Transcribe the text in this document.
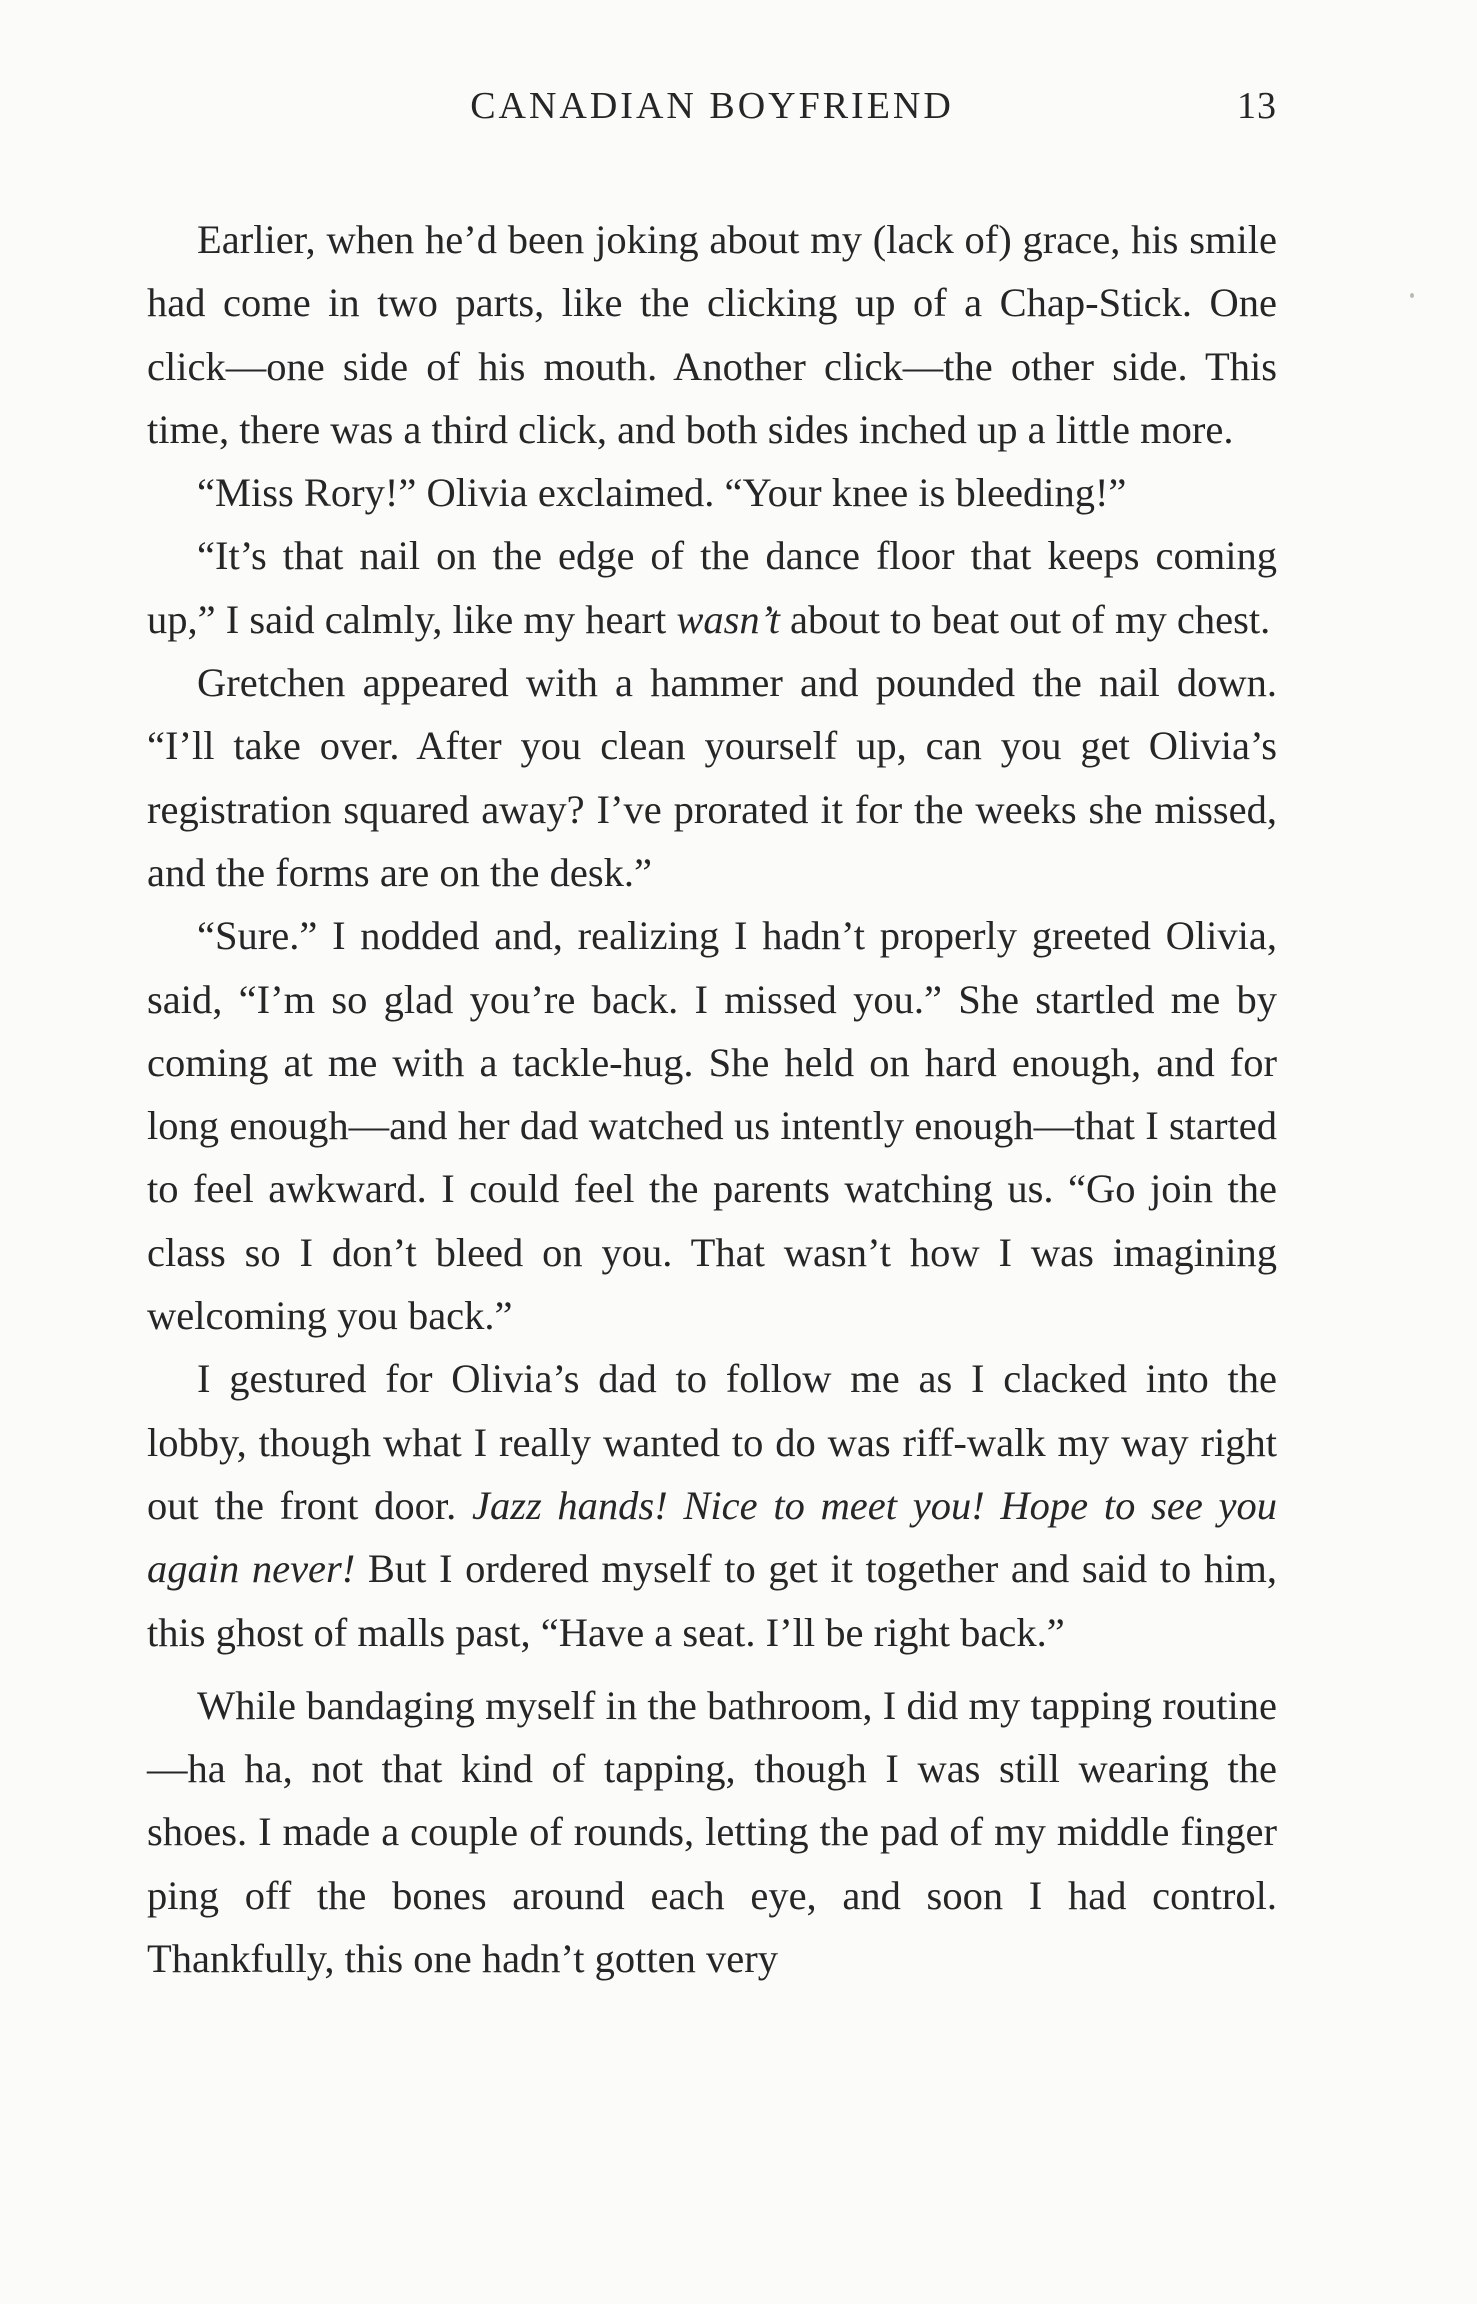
CANADIAN BOYFRIEND	13

Earlier, when he’d been joking about my (lack of) grace, his smile had come in two parts, like the clicking up of a Chap-Stick. One click—one side of his mouth. Another click—the other side. This time, there was a third click, and both sides inched up a little more.

“Miss Rory!” Olivia exclaimed. “Your knee is bleeding!”

“It’s that nail on the edge of the dance floor that keeps coming up,” I said calmly, like my heart wasn’t about to beat out of my chest.

Gretchen appeared with a hammer and pounded the nail down. “I’ll take over. After you clean yourself up, can you get Olivia’s registration squared away? I’ve prorated it for the weeks she missed, and the forms are on the desk.”

“Sure.” I nodded and, realizing I hadn’t properly greeted Olivia, said, “I’m so glad you’re back. I missed you.” She startled me by coming at me with a tackle-hug. She held on hard enough, and for long enough—and her dad watched us intently enough—that I started to feel awkward. I could feel the parents watching us. “Go join the class so I don’t bleed on you. That wasn’t how I was imagining welcoming you back.”

I gestured for Olivia’s dad to follow me as I clacked into the lobby, though what I really wanted to do was riff-walk my way right out the front door. Jazz hands! Nice to meet you! Hope to see you again never! But I ordered myself to get it together and said to him, this ghost of malls past, “Have a seat. I’ll be right back.”

While bandaging myself in the bathroom, I did my tapping routine—ha ha, not that kind of tapping, though I was still wearing the shoes. I made a couple of rounds, letting the pad of my middle finger ping off the bones around each eye, and soon I had control. Thankfully, this one hadn’t gotten very
